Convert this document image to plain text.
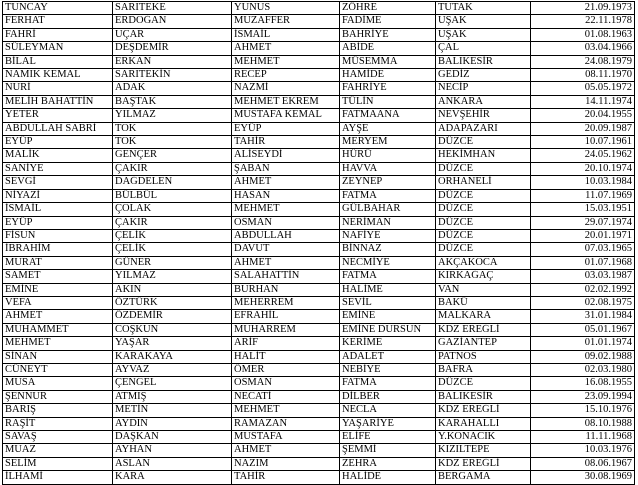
TUNCAY	SARITEKE	YUNUS	ZÖHRE	TUTAK	21.09.1973
FERHAT	ERDOĞAN	MUZAFFER	FADİME	UŞAK	22.11.1978
FAHRİ	UÇAR	İSMAİL	BAHRİYE	UŞAK	01.08.1963
SÜLEYMAN	DEŞDEMİR	AHMET	ABİDE	ÇAL	03.04.1966
BİLAL	ERKAN	MEHMET	MÜSEMMA	BALIKESİR	24.08.1979
NAMIK KEMAL	SARITEKİN	RECEP	HAMİDE	GEDİZ	08.11.1970
NURİ	ADAK	NAZMİ	FAHRİYE	NECİP	05.05.1972
MELİH BAHATTİN	BAŞTAK	MEHMET EKREM	TÜLİN	ANKARA	14.11.1974
YETER	YILMAZ	MUSTAFA KEMAL	FATMAANA	NEVŞEHİR	20.04.1955
ABDULLAH SABRİ	TOK	EYÜP	AYŞE	ADAPAZARI	20.09.1987
EYÜP	TOK	TAHİR	MERYEM	DÜZCE	10.07.1961
MALİK	GENÇER	ALİSEYDİ	HÜRÜ	HEKİMHAN	24.05.1962
SANİYE	ÇAKIR	ŞABAN	HAVVA	DÜZCE	20.10.1974
SEVGİ	DAĞDELEN	AHMET	ZEYNEP	ORHANELİ	10.03.1984
NİYAZİ	BÜLBÜL	HASAN	FATMA	DÜZCE	11.07.1969
İSMAİL	ÇOLAK	MEHMET	GÜLBAHAR	DÜZCE	15.03.1951
EYÜP	ÇAKIR	OSMAN	NERİMAN	DÜZCE	29.07.1974
FİSUN	ÇELİK	ABDULLAH	NAFİYE	DÜZCE	20.01.1971
İBRAHİM	ÇELİK	DAVUT	BİNNAZ	DÜZCE	07.03.1965
MURAT	GÜNER	AHMET	NECMİYE	AKÇAKOCA	01.07.1968
SAMET	YILMAZ	SALAHATTİN	FATMA	KIRKAĞAÇ	03.03.1987
EMİNE	AKIN	BURHAN	HALİME	VAN	02.02.1992
VEFA	ÖZTÜRK	MEHERREM	SEVİL	BAKÜ	02.08.1975
AHMET	ÖZDEMİR	EFRAHİL	EMİNE	MALKARA	31.01.1984
MUHAMMET	COŞKUN	MUHARREM	EMİNE DURSUN	KDZ EREĞLİ	05.01.1967
MEHMET	YAŞAR	ARİF	KERİME	GAZİANTEP	01.01.1974
SİNAN	KARAKAYA	HALİT	ADALET	PATNOS	09.02.1988
CÜNEYT	AYVAZ	ÖMER	NEBİYE	BAFRA	02.03.1980
MUSA	ÇENGEL	OSMAN	FATMA	DÜZCE	16.08.1955
ŞENNUR	ATMIŞ	NECATİ	DİLBER	BALIKESİR	23.09.1994
BARIŞ	METİN	MEHMET	NECLA	KDZ EREĞLİ	15.10.1976
RAŞİT	AYDIN	RAMAZAN	YAŞARİYE	KARAHALLI	08.10.1988
SAVAŞ	DAŞKAN	MUSTAFA	ELİFE	Y.KONACIK	11.11.1968
MUAZ	AYHAN	AHMET	ŞEMMİ	KIZILTEPE	10.03.1976
SELİM	ASLAN	NAZIM	ZEHRA	KDZ EREĞLİ	08.06.1967
İLHAMİ	KARA	TAHİR	HALİDE	BERGAMA	30.08.1969
